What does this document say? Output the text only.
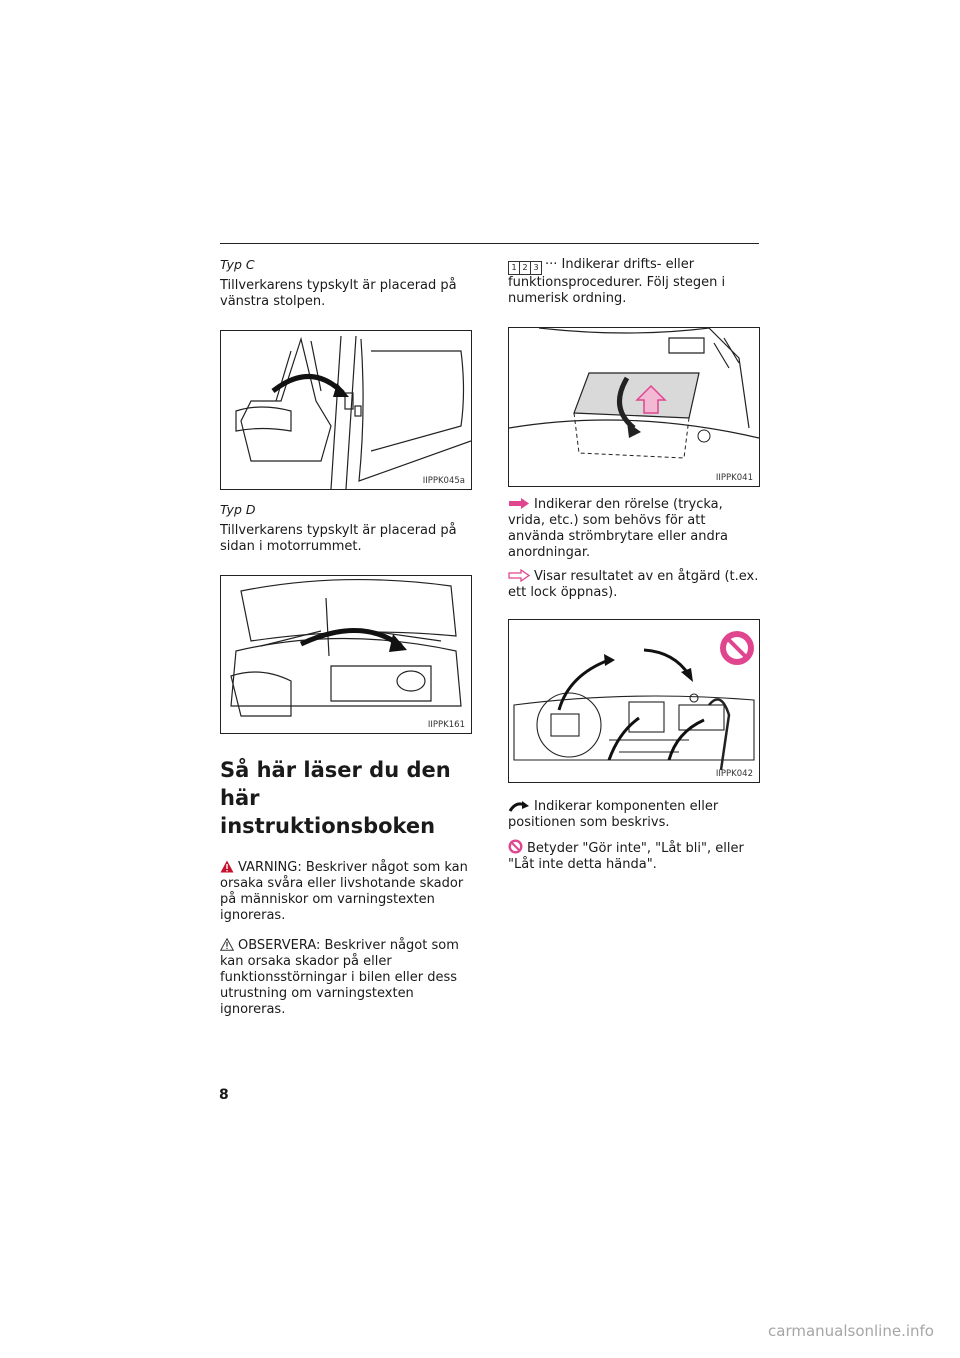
Typ C

Tillverkarens typskylt är placerad på vänstra stolpen.

IIPPK045a
Typ D

Tillverkarens typskylt är placerad på sidan i motorrummet.

IIPPK161
Så här läser du den här instruktionsboken

VARNING: Beskriver något som kan orsaka svåra eller livshotande skador på människor om varningstexten ignoreras.

OBSERVERA: Beskriver något som kan orsaka skador på eller funktionsstörningar i bilen eller dess utrustning om varningstexten ignoreras.

1 2 3 ··· Indikerar drifts- eller funktionsprocedurer. Följ stegen i numerisk ordning.

IIPPK041

Indikerar den rörelse (trycka, vrida, etc.) som behövs för att använda strömbrytare eller andra anordningar.

Visar resultatet av en åtgärd (t.ex. ett lock öppnas).

IIPPK042

Indikerar komponenten eller positionen som beskrivs.

Betyder "Gör inte", "Låt bli", eller "Låt inte detta hända".

8
carmanualsonline.info
